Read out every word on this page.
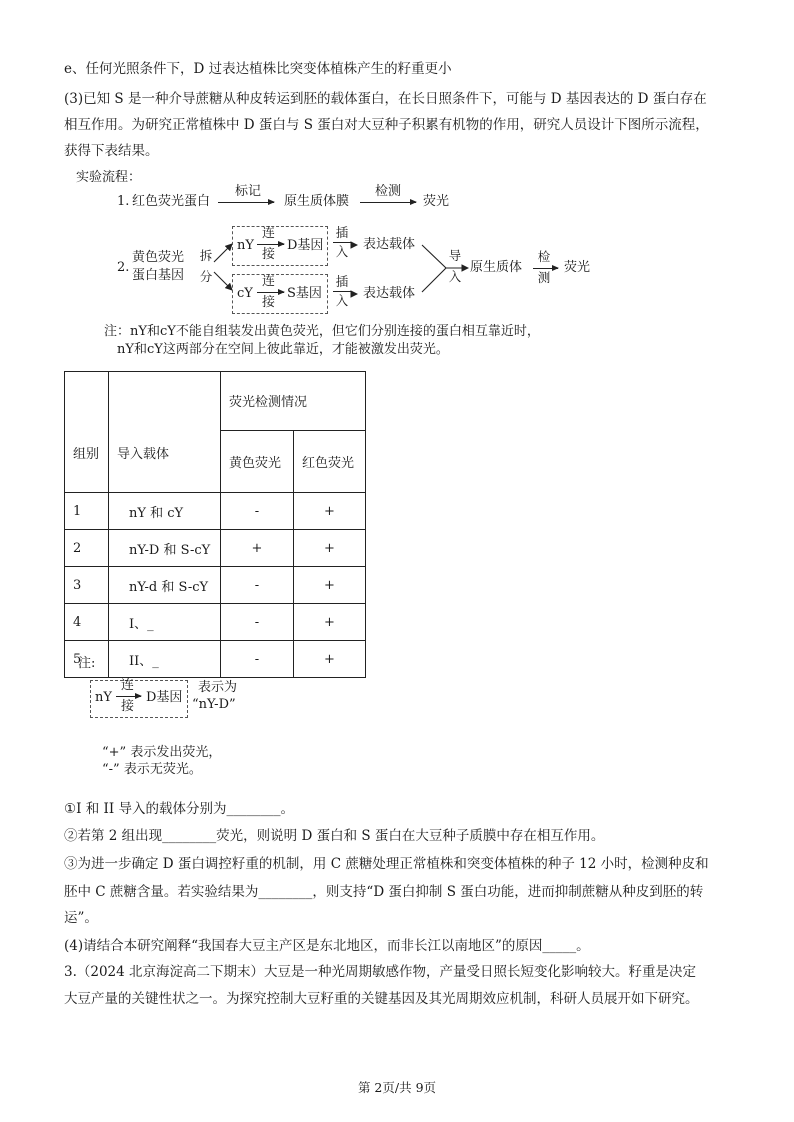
e、任何光照条件下，D 过表达植株比突变体植株产生的籽重更小
(3)已知 S 是一种介导蔗糖从种皮转运到胚的载体蛋白，在长日照条件下，可能与 D 基因表达的 D 蛋白存在
相互作用。为研究正常植株中 D 蛋白与 S 蛋白对大豆种子积累有机物的作用，研究人员设计下图所示流程，
获得下表结果。
实验流程：
1. 红色荧光蛋白
标记
原生质体膜
检测
荧光
2.
黄色荧光
蛋白基因
拆
分
nY
连
接
D基因
cY
连
接
S基因
插
入
插
入
表达载体
表达载体
导
入
原生质体
检
测
荧光
注：nY和cY不能自组装发出黄色荧光，但它们分别连接的蛋白相互靠近时，
nY和cY这两部分在空间上彼此靠近，才能被激发出荧光。
组别	导入载体	荧光检测情况	
		黄色荧光	红色荧光
1	nY 和 cY	-	+
2	nY-D 和 S-cY	+	+
3	nY-d 和 S-cY	-	+
4	I、_	-	+
5	II、_	-	+
注:
nY
连
接
D基因
表示为
“nY-D”
“+” 表示发出荧光，
“-” 表示无荧光。
①I 和 II 导入的载体分别为________。
②若第 2 组出现________荧光，则说明 D 蛋白和 S 蛋白在大豆种子质膜中存在相互作用。
③为进一步确定 D 蛋白调控籽重的机制，用 C 蔗糖处理正常植株和突变体植株的种子 12 小时，检测种皮和
胚中 C 蔗糖含量。若实验结果为________，则支持“D 蛋白抑制 S 蛋白功能，进而抑制蔗糖从种皮到胚的转
运”。
(4)请结合本研究阐释“我国春大豆主产区是东北地区，而非长江以南地区”的原因_____。
3.（2024 北京海淀高二下期末）大豆是一种光周期敏感作物，产量受日照长短变化影响较大。籽重是决定
大豆产量的关键性状之一。为探究控制大豆籽重的关键基因及其光周期效应机制，科研人员展开如下研究。
第 2页/共 9页
